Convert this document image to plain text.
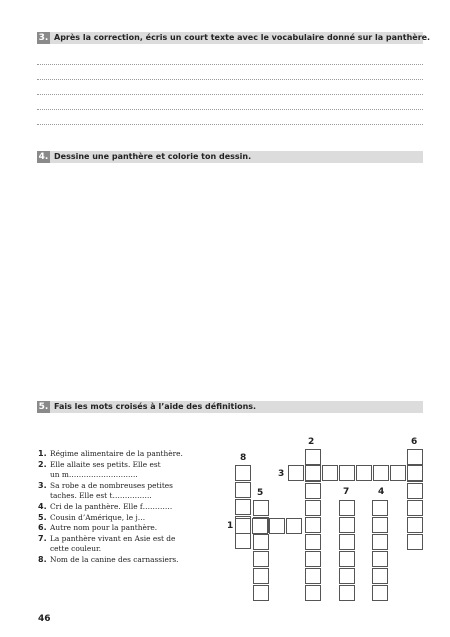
3. Après la correction, écris un court texte avec le vocabulaire donné sur la panthère.
4. Dessine une panthère et colorie ton dessin.
5. Fais les mots croisés à l’aide des définitions.
1. Régime alimentaire de la panthère.
2. Elle allaite ses petits. Elle est
un m……………………….
3. Sa robe a de nombreuses petites
taches. Elle est t…………….
4. Cri de la panthère. Elle f…………
5. Cousin d’Amérique, le j…
6. Autre nom pour la panthère.
7. La panthère vivant en Asie est de
cette couleur.
8. Nom de la canine des carnassiers.
1
2
3
4
5
6
7
8
46
